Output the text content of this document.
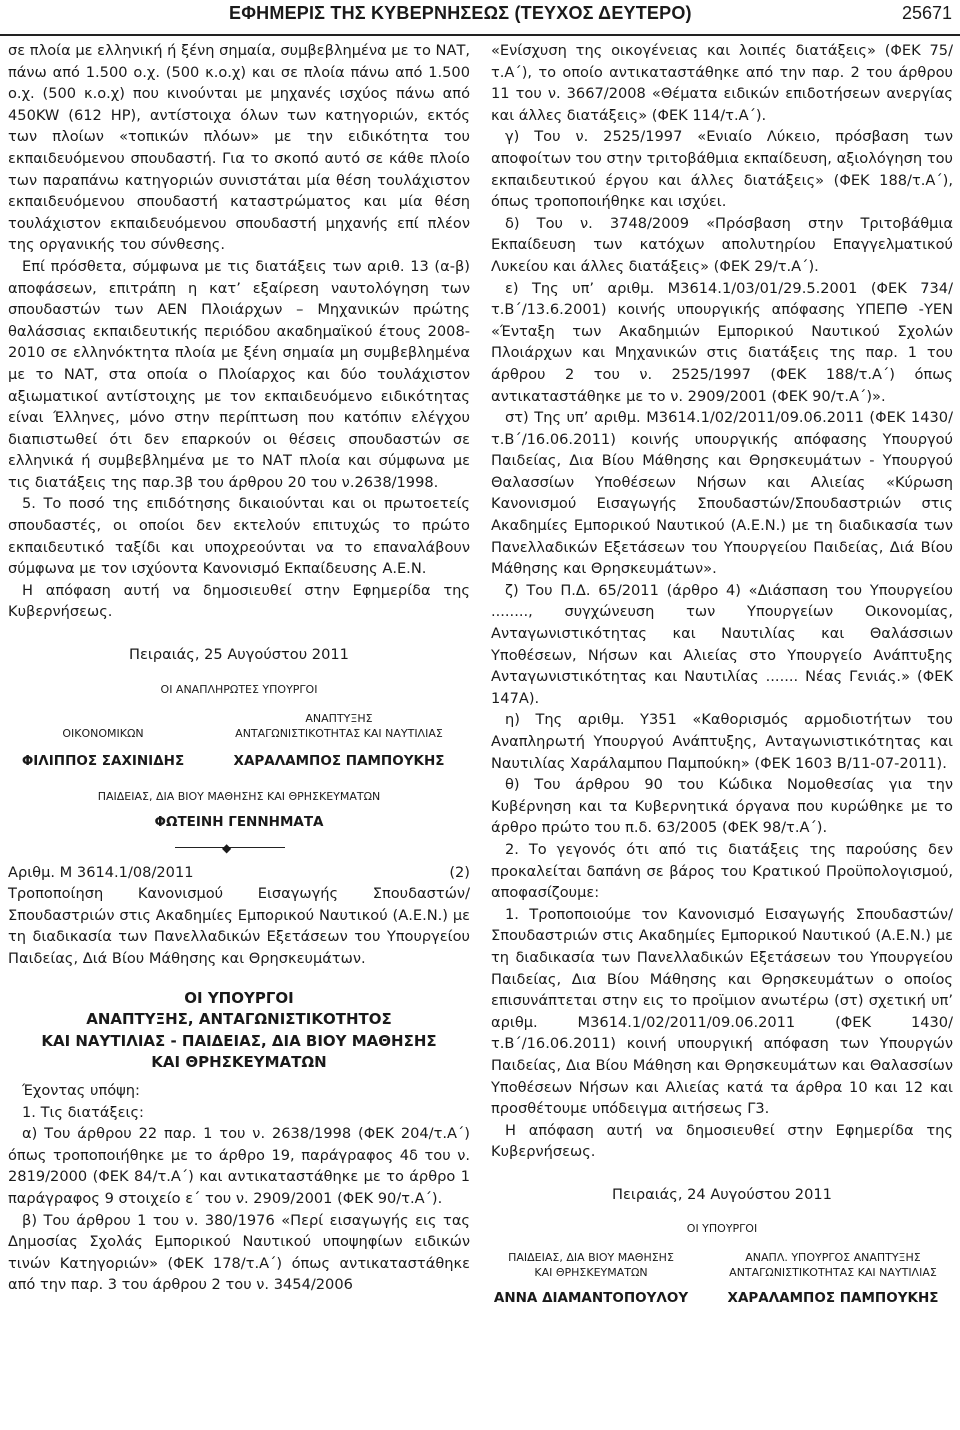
ΕΦΗΜΕΡΙΣ ΤΗΣ ΚΥΒΕΡΝΗΣΕΩΣ (ΤΕΥΧΟΣ ΔΕΥΤΕΡΟ)	25671

σε πλοία με ελληνική ή ξένη σημαία, συμβεβλημένα με το ΝΑΤ, πάνω από 1.500 ο.χ. (500 κ.ο.χ) και σε πλοία πάνω από 1.500 ο.χ. (500 κ.ο.χ) που κινούνται με μηχανές ισχύος πάνω από 450KW (612 HP), αντίστοιχα όλων των κατηγοριών, εκτός των πλοίων «τοπικών πλόων» με την ειδικότητα του εκπαιδευόμενου σπουδαστή. Για το σκοπό αυτό σε κάθε πλοίο των παραπάνω κατηγοριών συνιστάται μία θέση τουλάχιστον εκπαιδευόμενου σπουδαστή καταστρώματος και μία θέση τουλάχιστον εκπαιδευόμενου σπουδαστή μηχανής επί πλέον της οργανικής του σύνθεσης.

Επί πρόσθετα, σύμφωνα με τις διατάξεις των αριθ. 13 (α-β) αποφάσεων, επιτράπη η κατ’ εξαίρεση ναυτολόγηση των σπουδαστών των ΑΕΝ Πλοιάρχων – Μηχανικών πρώτης θαλάσσιας εκπαιδευτικής περιόδου ακαδημαϊκού έτους 2008-2010 σε ελληνόκτητα πλοία με ξένη σημαία μη συμβεβλημένα με το ΝΑΤ, στα οποία ο Πλοίαρχος και δύο τουλάχιστον αξιωματικοί αντίστοιχης με τον εκπαιδευόμενο ειδικότητας είναι Έλληνες, μόνο στην περίπτωση που κατόπιν ελέγχου διαπιστωθεί ότι δεν επαρκούν οι θέσεις σπουδαστών σε ελληνικά ή συμβεβλημένα με το ΝΑΤ πλοία και σύμφωνα με τις διατάξεις της παρ.3β του άρθρου 20 του ν.2638/1998.

5. Το ποσό της επιδότησης δικαιούνται και οι πρωτοετείς σπουδαστές, οι οποίοι δεν εκτελούν επιτυχώς το πρώτο εκπαιδευτικό ταξίδι και υποχρεούνται να το επαναλάβουν σύμφωνα με τον ισχύοντα Κανονισμό Εκπαίδευσης Α.Ε.Ν.

Η απόφαση αυτή να δημοσιευθεί στην Εφημερίδα της Κυβερνήσεως.

Πειραιάς, 25 Αυγούστου 2011

ΟΙ ΑΝΑΠΛΗΡΩΤΕΣ ΥΠΟΥΡΓΟΙ

ΟΙΚΟΝΟΜΙΚΩΝ
ΑΝΑΠΤΥΞΗΣ
ΑΝΤΑΓΩΝΙΣΤΙΚΟΤΗΤΑΣ ΚΑΙ ΝΑΥΤΙΛΙΑΣ
ΦΙΛΙΠΠΟΣ ΣΑΧΙΝΙΔΗΣ	ΧΑΡΑΛΑΜΠΟΣ ΠΑΜΠΟΥΚΗΣ

ΠΑΙΔΕΙΑΣ, ΔΙΑ ΒΙΟΥ ΜΑΘΗΣΗΣ ΚΑΙ ΘΡΗΣΚΕΥΜΑΤΩΝ

ΦΩΤΕΙΝΗ ΓΕΝΝΗΜΑΤΑ

◆
Αριθμ. Μ 3614.1/08/2011	(2)

Τροποποίηση Κανονισμού Εισαγωγής Σπουδαστών/Σπουδαστριών στις Ακαδημίες Εμπορικού Ναυτικού (Α.Ε.Ν.) με τη διαδικασία των Πανελλαδικών Εξετάσεων του Υπουργείου Παιδείας, Διά Βίου Μάθησης και Θρησκευμάτων.

ΟΙ ΥΠΟΥΡΓΟΙ
ΑΝΑΠΤΥΞΗΣ, ΑΝΤΑΓΩΝΙΣΤΙΚΟΤΗΤΟΣ
ΚΑΙ ΝΑΥΤΙΛΙΑΣ - ΠΑΙΔΕΙΑΣ, ΔΙΑ ΒΙΟΥ ΜΑΘΗΣΗΣ
ΚΑΙ ΘΡΗΣΚΕΥΜΑΤΩΝ

Έχοντας υπόψη:

1. Τις διατάξεις:

α) Του άρθρου 22 παρ. 1 του ν. 2638/1998 (ΦΕΚ 204/τ.Α΄) όπως τροποποιήθηκε με το άρθρο 19, παράγραφος 4δ του ν. 2819/2000 (ΦΕΚ 84/τ.Α΄) και αντικαταστάθηκε με το άρθρο 1 παράγραφος 9 στοιχείο ε΄ του ν. 2909/2001 (ΦΕΚ 90/τ.Α΄).

β) Του άρθρου 1 του ν. 380/1976 «Περί εισαγωγής εις τας Δημοσίας Σχολάς Εμπορικού Ναυτικού υποψηφίων ειδικών τινών Κατηγοριών» (ΦΕΚ 178/τ.Α΄) όπως αντικαταστάθηκε από την παρ. 3 του άρθρου 2 του ν. 3454/2006

«Ενίσχυση της οικογένειας και λοιπές διατάξεις» (ΦΕΚ 75/τ.Α΄), το οποίο αντικαταστάθηκε από την παρ. 2 του άρθρου 11 του ν. 3667/2008 «Θέματα ειδικών επιδοτήσεων ανεργίας και άλλες διατάξεις» (ΦΕΚ 114/τ.Α΄).

γ) Του ν. 2525/1997 «Ενιαίο Λύκειο, πρόσβαση των αποφοίτων του στην τριτοβάθμια εκπαίδευση, αξιολόγηση του εκπαιδευτικού έργου και άλλες διατάξεις» (ΦΕΚ 188/τ.Α΄), όπως τροποποιήθηκε και ισχύει.

δ) Του ν. 3748/2009 «Πρόσβαση στην Τριτοβάθμια Εκπαίδευση των κατόχων απολυτηρίου Επαγγελματικού Λυκείου και άλλες διατάξεις» (ΦΕΚ 29/τ.Α΄).

ε) Της υπ’ αριθμ. Μ3614.1/03/01/29.5.2001 (ΦΕΚ 734/τ.Β΄/13.6.2001) κοινής υπουργικής απόφασης ΥΠΕΠΘ -ΥΕΝ «Ένταξη των Ακαδημιών Εμπορικού Ναυτικού Σχολών Πλοιάρχων και Μηχανικών στις διατάξεις της παρ. 1 του άρθρου 2 του ν. 2525/1997 (ΦΕΚ 188/τ.Α΄) όπως αντικαταστάθηκε με το ν. 2909/2001 (ΦΕΚ 90/τ.Α΄)».

στ) Της υπ’ αριθμ. Μ3614.1/02/2011/09.06.2011 (ΦΕΚ 1430/τ.Β΄/16.06.2011) κοινής υπουργικής απόφασης Υπουργού Παιδείας, Δια Βίου Μάθησης και Θρησκευμάτων - Υπουργού Θαλασσίων Υποθέσεων Νήσων και Αλιείας «Κύρωση Κανονισμού Εισαγωγής Σπουδαστών/Σπουδαστριών στις Ακαδημίες Εμπορικού Ναυτικού (Α.Ε.Ν.) με τη διαδικασία των Πανελλαδικών Εξετάσεων του Υπουργείου Παιδείας, Διά Βίου Μάθησης και Θρησκευμάτων».

ζ) Του Π.Δ. 65/2011 (άρθρο 4) «Διάσπαση του Υπουργείου ........, συγχώνευση των Υπουργείων Οικονομίας, Ανταγωνιστικότητας και Ναυτιλίας και Θαλάσσιων Υποθέσεων, Νήσων και Αλιείας στο Υπουργείο Ανάπτυξης Ανταγωνιστικότητας και Ναυτιλίας ....... Νέας Γενιάς.» (ΦΕΚ 147Α).

η) Της αριθμ. Υ351 «Καθορισμός αρμοδιοτήτων του Αναπληρωτή Υπουργού Ανάπτυξης, Ανταγωνιστικότητας και Ναυτιλίας Χαράλαμπου Παμπούκη» (ΦΕΚ 1603 Β/11-07-2011).

θ) Του άρθρου 90 του Κώδικα Νομοθεσίας για την Κυβέρνηση και τα Κυβερνητικά όργανα που κυρώθηκε με το άρθρο πρώτο του π.δ. 63/2005 (ΦΕΚ 98/τ.Α΄).

2. Το γεγονός ότι από τις διατάξεις της παρούσης δεν προκαλείται δαπάνη σε βάρος του Κρατικού Προϋπολογισμού, αποφασίζουμε:

1. Τροποποιούμε τον Κανονισμό Εισαγωγής Σπουδαστών/Σπουδαστριών στις Ακαδημίες Εμπορικού Ναυτικού (Α.Ε.Ν.) με τη διαδικασία των Πανελλαδικών Εξετάσεων του Υπουργείου Παιδείας, Δια Βίου Μάθησης και Θρησκευμάτων ο οποίος επισυνάπτεται στην εις το προϊμιον ανωτέρω (στ) σχετική υπ’ αριθμ. Μ3614.1/02/2011/09.06.2011 (ΦΕΚ 1430/ τ.Β΄/16.06.2011) κοινή υπουργική απόφαση των Υπουργών Παιδείας, Δια Βίου Μάθηση και Θρησκευμάτων και Θαλασσίων Υποθέσεων Νήσων και Αλιείας κατά τα άρθρα 10 και 12 και προσθέτουμε υπόδειγμα αιτήσεως Γ3.

Η απόφαση αυτή να δημοσιευθεί στην Εφημερίδα της Κυβερνήσεως.

Πειραιάς, 24 Αυγούστου 2011

ΟΙ ΥΠΟΥΡΓΟΙ

ΠΑΙΔΕΙΑΣ, ΔΙΑ ΒΙΟΥ ΜΑΘΗΣΗΣ
ΚΑΙ ΘΡΗΣΚΕΥΜΑΤΩΝ
ΑΝΝΑ ΔΙΑΜΑΝΤΟΠΟΥΛΟΥ
ΑΝΑΠΛ. ΥΠΟΥΡΓΟΣ ΑΝΑΠΤΥΞΗΣ
ΑΝΤΑΓΩΝΙΣΤΙΚΟΤΗΤΑΣ ΚΑΙ ΝΑΥΤΙΛΙΑΣ
ΧΑΡΑΛΑΜΠΟΣ ΠΑΜΠΟΥΚΗΣ
